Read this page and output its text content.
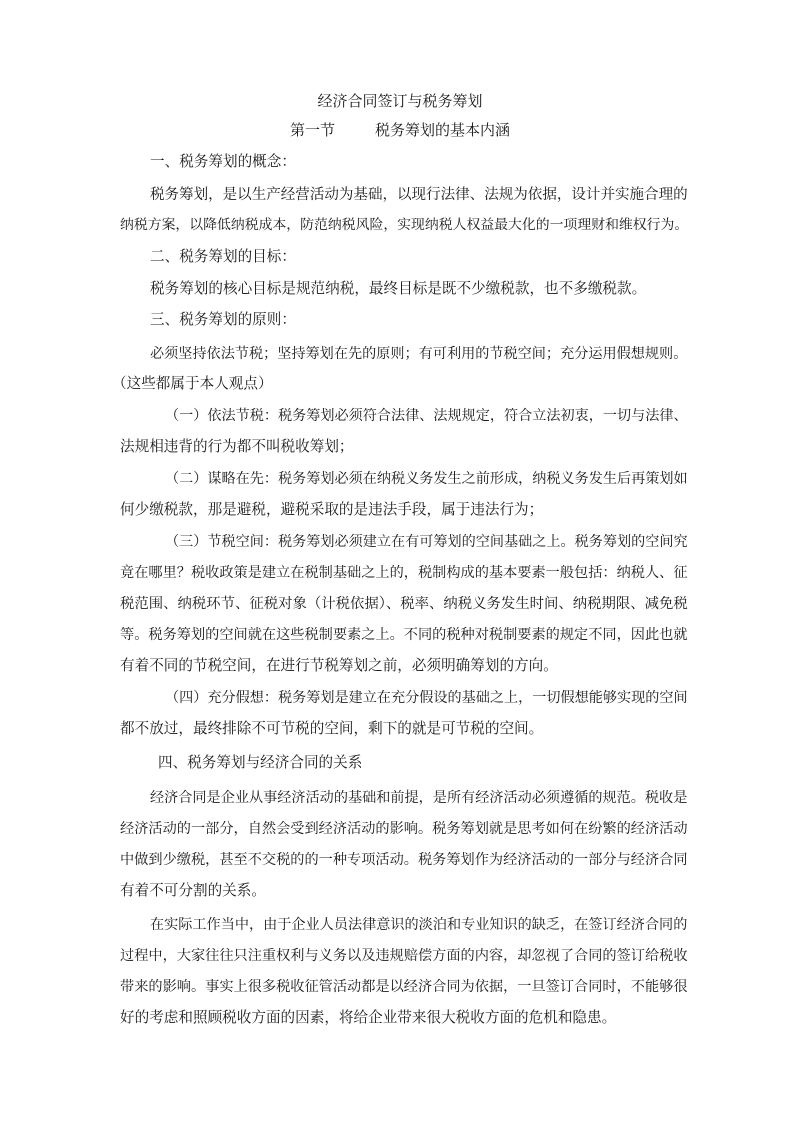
经济合同签订与税务筹划
第一节	税务筹划的基本内涵
一、税务筹划的概念：
税务筹划，是以生产经营活动为基础，以现行法律、法规为依据，设计并实施合理的
纳税方案，以降低纳税成本，防范纳税风险，实现纳税人权益最大化的一项理财和维权行为。
二、税务筹划的目标：
税务筹划的核心目标是规范纳税，最终目标是既不少缴税款，也不多缴税款。
三、税务筹划的原则：
必须坚持依法节税；坚持筹划在先的原则；有可利用的节税空间；充分运用假想规则。
（这些都属于本人观点）
（一）依法节税：税务筹划必须符合法律、法规规定，符合立法初衷，一切与法律、
法规相违背的行为都不叫税收筹划；
（二）谋略在先：税务筹划必须在纳税义务发生之前形成，纳税义务发生后再策划如
何少缴税款，那是避税，避税采取的是违法手段，属于违法行为；
（三）节税空间：税务筹划必须建立在有可筹划的空间基础之上。税务筹划的空间究
竟在哪里？税收政策是建立在税制基础之上的，税制构成的基本要素一般包括：纳税人、征
税范围、纳税环节、征税对象（计税依据）、税率、纳税义务发生时间、纳税期限、减免税
等。税务筹划的空间就在这些税制要素之上。不同的税种对税制要素的规定不同，因此也就
有着不同的节税空间，在进行节税筹划之前，必须明确筹划的方向。
（四）充分假想：税务筹划是建立在充分假设的基础之上，一切假想能够实现的空间
都不放过，最终排除不可节税的空间，剩下的就是可节税的空间。
四、税务筹划与经济合同的关系
经济合同是企业从事经济活动的基础和前提，是所有经济活动必须遵循的规范。税收是
经济活动的一部分，自然会受到经济活动的影响。税务筹划就是思考如何在纷繁的经济活动
中做到少缴税，甚至不交税的的一种专项活动。税务筹划作为经济活动的一部分与经济合同
有着不可分割的关系。
在实际工作当中，由于企业人员法律意识的淡泊和专业知识的缺乏，在签订经济合同的
过程中，大家往往只注重权利与义务以及违规赔偿方面的内容，却忽视了合同的签订给税收
带来的影响。事实上很多税收征管活动都是以经济合同为依据，一旦签订合同时，不能够很
好的考虑和照顾税收方面的因素，将给企业带来很大税收方面的危机和隐患。
